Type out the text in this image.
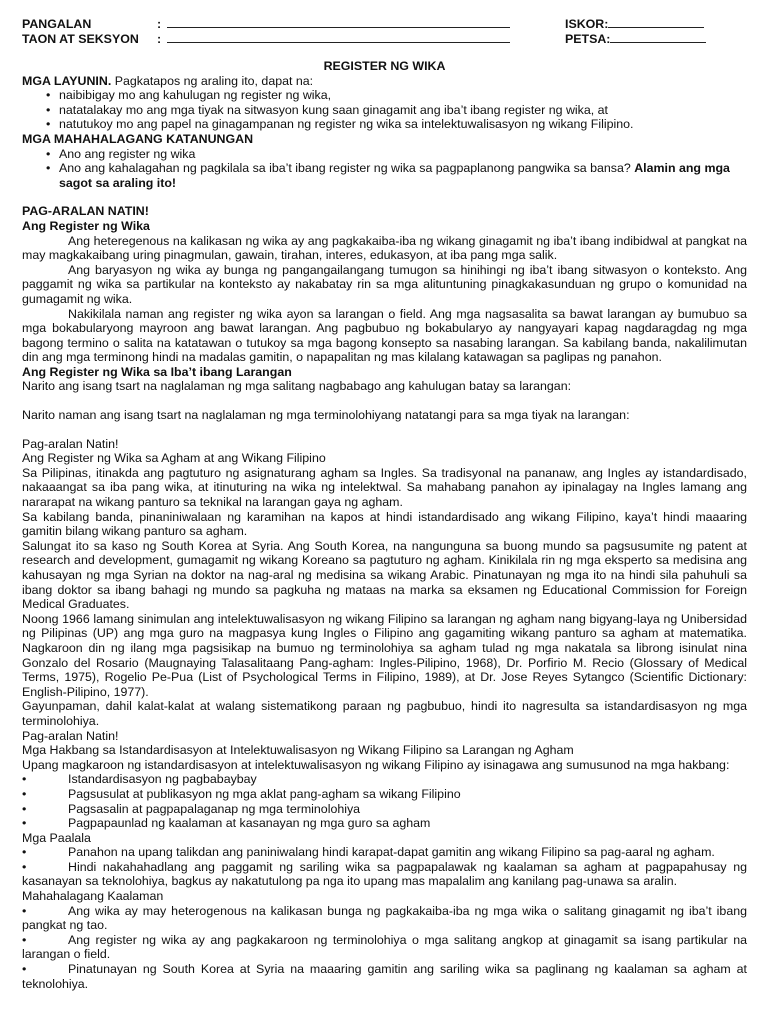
PANGALAN	:	ISKOR:
TAON AT SEKSYON	:	PETSA:
REGISTER NG WIKA

MGA LAYUNIN. Pagkatapos ng araling ito, dapat na:

• naibibigay mo ang kahulugan ng register ng wika,
• natatalakay mo ang mga tiyak na sitwasyon kung saan ginagamit ang iba’t ibang register ng wika, at
• natutukoy mo ang papel na ginagampanan ng register ng wika sa intelektuwalisasyon ng wikang Filipino.

MGA MAHAHALAGANG KATANUNGAN

• Ano ang register ng wika
• Ano ang kahalagahan ng pagkilala sa iba’t ibang register ng wika sa pagpaplanong pangwika sa bansa? Alamin ang mga sagot sa araling ito!

PAG-ARALAN NATIN!

Ang Register ng Wika

Ang heteregenous na kalikasan ng wika ay ang pagkakaiba-iba ng wikang ginagamit ng iba’t ibang indibidwal at pangkat na may magkakaibang uring pinagmulan, gawain, tirahan, interes, edukasyon, at iba pang mga salik.

Ang baryasyon ng wika ay bunga ng pangangailangang tumugon sa hinihingi ng iba’t ibang sitwasyon o konteksto. Ang paggamit ng wika sa partikular na konteksto ay nakabatay rin sa mga alituntuning pinagkakasunduan ng grupo o komunidad na gumagamit ng wika.

Nakikilala naman ang register ng wika ayon sa larangan o field. Ang mga nagsasalita sa bawat larangan ay bumubuo sa mga bokabularyong mayroon ang bawat larangan. Ang pagbubuo ng bokabularyo ay nangyayari kapag nagdaragdag ng mga bagong termino o salita na katatawan o tutukoy sa mga bagong konsepto sa nasabing larangan. Sa kabilang banda, nakalilimutan din ang mga terminong hindi na madalas gamitin, o napapalitan ng mas kilalang katawagan sa paglipas ng panahon.

Ang Register ng Wika sa Iba’t ibang Larangan

Narito ang isang tsart na naglalaman ng mga salitang nagbabago ang kahulugan batay sa larangan:

Narito naman ang isang tsart na naglalaman ng mga terminolohiyang natatangi para sa mga tiyak na larangan:

Pag-aralan Natin!

Ang Register ng Wika sa Agham at ang Wikang Filipino

Sa Pilipinas, itinakda ang pagtuturo ng asignaturang agham sa Ingles. Sa tradisyonal na pananaw, ang Ingles ay istandardisado, nakaaangat sa iba pang wika, at itinuturing na wika ng intelektwal. Sa mahabang panahon ay ipinalagay na Ingles lamang ang nararapat na wikang panturo sa teknikal na larangan gaya ng agham.

Sa kabilang banda, pinaniniwalaan ng karamihan na kapos at hindi istandardisado ang wikang Filipino, kaya’t hindi maaaring gamitin bilang wikang panturo sa agham.

Salungat ito sa kaso ng South Korea at Syria. Ang South Korea, na nangunguna sa buong mundo sa pagsusumite ng patent at research and development, gumagamit ng wikang Koreano sa pagtuturo ng agham. Kinikilala rin ng mga eksperto sa medisina ang kahusayan ng mga Syrian na doktor na nag-aral ng medisina sa wikang Arabic. Pinatunayan ng mga ito na hindi sila pahuhuli sa ibang doktor sa ibang bahagi ng mundo sa pagkuha ng mataas na marka sa eksamen ng Educational Commission for Foreign Medical Graduates.

Noong 1966 lamang sinimulan ang intelektuwalisasyon ng wikang Filipino sa larangan ng agham nang bigyang-laya ng Unibersidad ng Pilipinas (UP) ang mga guro na magpasya kung Ingles o Filipino ang gagamiting wikang panturo sa agham at matematika. Nagkaroon din ng ilang mga pagsisikap na bumuo ng terminolohiya sa agham tulad ng mga nakatala sa librong isinulat nina Gonzalo del Rosario (Maugnaying Talasalitaang Pang-agham: Ingles-Pilipino, 1968), Dr. Porfirio M. Recio (Glossary of Medical Terms, 1975), Rogelio Pe-Pua (List of Psychological Terms in Filipino, 1989), at Dr. Jose Reyes Sytangco (Scientific Dictionary: English-Pilipino, 1977).

Gayunpaman, dahil kalat-kalat at walang sistematikong paraan ng pagbubuo, hindi ito nagresulta sa istandardisasyon ng mga terminolohiya.

Pag-aralan Natin!

Mga Hakbang sa Istandardisasyon at Intelektuwalisasyon ng Wikang Filipino sa Larangan ng Agham

Upang magkaroon ng istandardisasyon at intelektuwalisasyon ng wikang Filipino ay isinagawa ang sumusunod na mga hakbang:

•	Istandardisasyon ng pagbabaybay
•	Pagsusulat at publikasyon ng mga aklat pang-agham sa wikang Filipino
•	Pagsasalin at pagpapalaganap ng mga terminolohiya
•	Pagpapaunlad ng kaalaman at kasanayan ng mga guro sa agham

Mga Paalala

•	Panahon na upang talikdan ang paniniwalang hindi karapat-dapat gamitin ang wikang Filipino sa pag-aaral ng agham.
•	Hindi nakahahadlang ang paggamit ng sariling wika sa pagpapalawak ng kaalaman sa agham at pagpapahusay ng kasanayan sa teknolohiya, bagkus ay nakatutulong pa nga ito upang mas mapalalim ang kanilang pag-unawa sa aralin.

Mahahalagang Kaalaman

•	Ang wika ay may heterogenous na kalikasan bunga ng pagkakaiba-iba ng mga wika o salitang ginagamit ng iba’t ibang pangkat ng tao.
•	Ang register ng wika ay ang pagkakaroon ng terminolohiya o mga salitang angkop at ginagamit sa isang partikular na larangan o field.
•	Pinatunayan ng South Korea at Syria na maaaring gamitin ang sariling wika sa paglinang ng kaalaman sa agham at teknolohiya.
